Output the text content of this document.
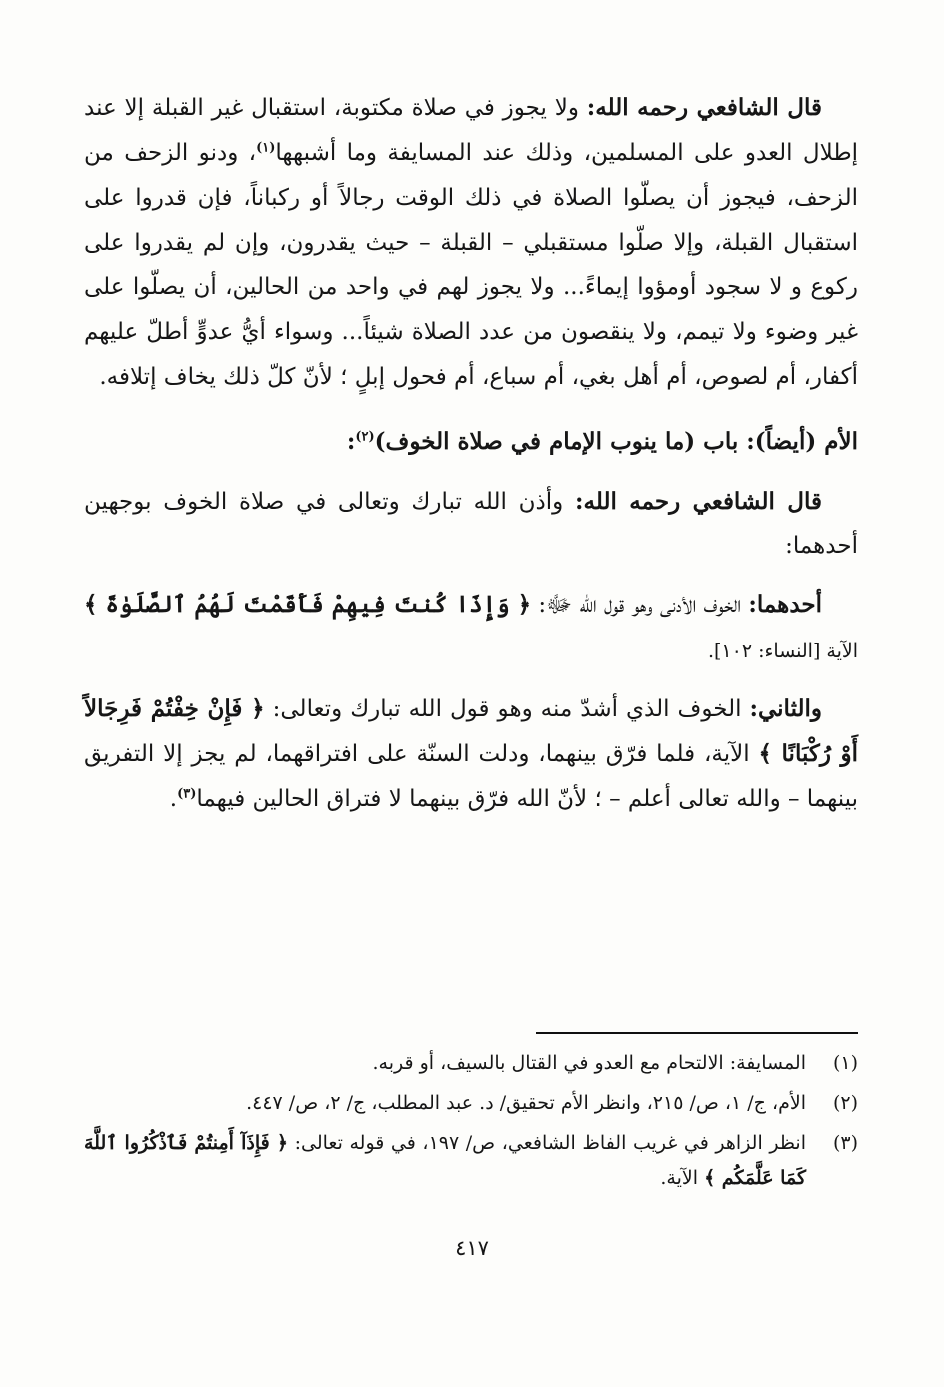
قال الشافعي رحمه الله: ولا يجوز في صلاة مكتوبة، استقبال غير القبلة إلا عند إطلال العدو على المسلمين، وذلك عند المسايفة وما أشبهها$^{(١)}$، ودنو الزحف من الزحف، فيجوز أن يصلّوا الصلاة في ذلك الوقت رجالاً أو ركباناً، فإن قدروا على استقبال القبلة، وإلا صلّوا مستقبلي – القبلة – حيث يقدرون، وإن لم يقدروا على ركوع و لا سجود أومؤوا إيماءً... ولا يجوز لهم في واحد من الحالين، أن يصلّوا على غير وضوء ولا تيمم، ولا ينقصون من عدد الصلاة شيئاً... وسواء أيُّ عدوٍّ أطلّ عليهم أكفار، أم لصوص، أم أهل بغي، أم سباع، أم فحول إبلٍ ؛ لأنّ كلّ ذلك يخاف إتلافه.

الأم (أيضاً): باب (ما ينوب الإمام في صلاة الخوف)$^{(٢)}$:

قال الشافعي رحمه الله: وأذن الله تبارك وتعالى في صلاة الخوف بوجهين أحدهما:

أحدهما: الخوف الأدنى وهو قول الله ﷻ: ﴿ وَإِذَا كُنتَ فِيهِمْ فَأَقَمْتَ لَهُمُ ٱلصَّلَوٰةَ ﴾ الآية [النساء: ١٠٢].

والثاني: الخوف الذي أشدّ منه وهو قول الله تبارك وتعالى: ﴿ فَإِنْ خِفْتُمْ فَرِجَالاً أَوْ رُكْبَانًا ﴾ الآية، فلما فرّق بينهما، ودلت السنّة على افتراقهما، لم يجز إلا التفريق بينهما – والله تعالى أعلم – ؛ لأنّ الله فرّق بينهما لا فتراق الحالين فيهما$^{(٣)}$.

(١)
المسايفة: الالتحام مع العدو في القتال بالسيف، أو قربه.
(٢)
الأم، ج/ ١، ص/ ٢١٥، وانظر الأم تحقيق/ د. عبد المطلب، ج/ ٢، ص/ ٤٤٧.
(٣)
انظر الزاهر في غريب الفاظ الشافعي، ص/ ١٩٧، في قوله تعالى: ﴿ فَإِذَآ أَمِنتُمْ فَٱذْكُرُوا ٱللَّهَ كَمَا عَلَّمَكُم ﴾ الآية.
٤١٧
